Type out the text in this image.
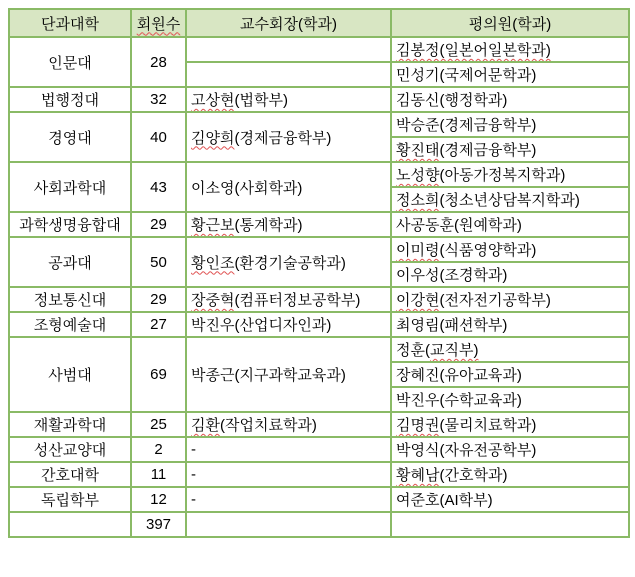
단과대학	회원수	교수회장(학과)	평의원(학과)
인문대	28		김봉정(일본어일본학과)
			민성기(국제어문학과)
법행정대	32	고상현(법학부)	김동신(행정학과)
경영대	40	김양희(경제금융학부)	박승준(경제금융학부)
			황진태(경제금융학부)
사회과학대	43	이소영(사회학과)	노성향(아동가정복지학과)
			정소희(청소년상담복지학과)
과학생명융합대	29	황근보(통계학과)	사공동훈(원예학과)
공과대	50	황인조(환경기술공학과)	이미령(식품영양학과)
			이우성(조경학과)
정보통신대	29	장중혁(컴퓨터정보공학부)	이강현(전자전기공학부)
조형예술대	27	박진우(산업디자인과)	최영림(패션학부)
사범대	69	박종근(지구과학교육과)	정훈(교직부)
			장혜진(유아교육과)
			박진우(수학교육과)
재활과학대	25	김환(작업치료학과)	김명권(물리치료학과)
성산교양대	2	-	박영식(자유전공학부)
간호대학	11	-	황혜남(간호학과)
독립학부	12	-	여준호(AI학부)
	397		
